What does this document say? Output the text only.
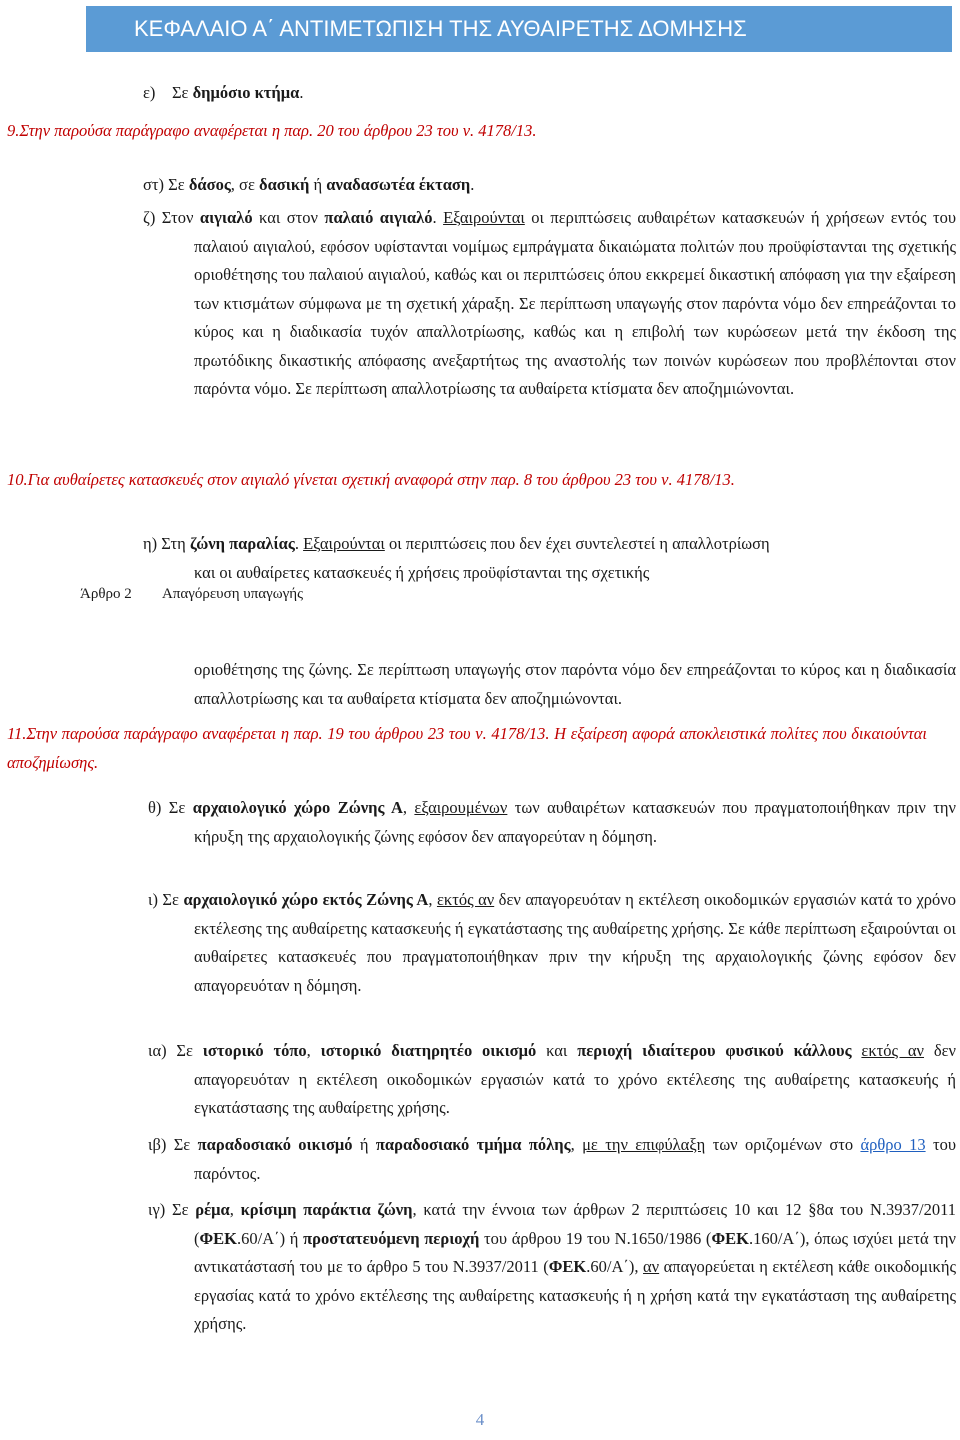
ΚΕΦΑΛΑΙΟ Α΄ ΑΝΤΙΜΕΤΩΠΙΣΗ ΤΗΣ ΑΥΘΑΙΡΕΤΗΣ ΔΟΜΗΣΗΣ
ε) Σε δημόσιο κτήμα.
9.Στην παρούσα παράγραφο αναφέρεται η παρ. 20 του άρθρου 23 του ν. 4178/13.
στ) Σε δάσος, σε δασική ή αναδασωτέα έκταση.
ζ) Στον αιγιαλό και στον παλαιό αιγιαλό. Εξαιρούνται οι περιπτώσεις αυθαιρέτων κατασκευών ή χρήσεων εντός του παλαιού αιγιαλού, εφόσον υφίστανται νομίμως εμπράγματα δικαιώματα πολιτών που προϋφίστανται της σχετικής οριοθέτησης του παλαιού αιγιαλού, καθώς και οι περιπτώσεις όπου εκκρεμεί δικαστική απόφαση για την εξαίρεση των κτισμάτων σύμφωνα με τη σχετική χάραξη. Σε περίπτωση υπαγωγής στον παρόντα νόμο δεν επηρεάζονται το κύρος και η διαδικασία τυχόν απαλλοτρίωσης, καθώς και η επιβολή των κυρώσεων μετά την έκδοση της πρωτόδικης δικαστικής απόφασης ανεξαρτήτως της αναστολής των ποινών κυρώσεων που προβλέπονται στον παρόντα νόμο. Σε περίπτωση απαλλοτρίωσης τα αυθαίρετα κτίσματα δεν αποζημιώνονται.
10.Για αυθαίρετες κατασκευές στον αιγιαλό γίνεται σχετική αναφορά στην παρ. 8 του άρθρου 23 του ν. 4178/13.
η) Στη ζώνη παραλίας. Εξαιρούνται οι περιπτώσεις που δεν έχει συντελεστεί η απαλλοτρίωση
και οι αυθαίρετες κατασκευές ή χρήσεις προϋφίστανται της σχετικής
Άρθρο 2 Απαγόρευση υπαγωγής
οριοθέτησης της ζώνης. Σε περίπτωση υπαγωγής στον παρόντα νόμο δεν επηρεάζονται το κύρος και η διαδικασία απαλλοτρίωσης και τα αυθαίρετα κτίσματα δεν αποζημιώνονται.
11.Στην παρούσα παράγραφο αναφέρεται η παρ. 19 του άρθρου 23 του ν. 4178/13. Η εξαίρεση αφορά αποκλειστικά πολίτες που δικαιούνται αποζημίωσης.
θ) Σε αρχαιολογικό χώρο Ζώνης Α, εξαιρουμένων των αυθαιρέτων κατασκευών που πραγματοποιήθηκαν πριν την κήρυξη της αρχαιολογικής ζώνης εφόσον δεν απαγορεύταν η δόμηση.
ι) Σε αρχαιολογικό χώρο εκτός Ζώνης Α, εκτός αν δεν απαγορευόταν η εκτέλεση οικοδομικών εργασιών κατά το χρόνο εκτέλεσης της αυθαίρετης κατασκευής ή εγκατάστασης της αυθαίρετης χρήσης. Σε κάθε περίπτωση εξαιρούνται οι αυθαίρετες κατασκευές που πραγματοποιήθηκαν πριν την κήρυξη της αρχαιολογικής ζώνης εφόσον δεν απαγορευόταν η δόμηση.
ια) Σε ιστορικό τόπο, ιστορικό διατηρητέο οικισμό και περιοχή ιδιαίτερου φυσικού κάλλους εκτός αν δεν απαγορευόταν η εκτέλεση οικοδομικών εργασιών κατά το χρόνο εκτέλεσης της αυθαίρετης κατασκευής ή εγκατάστασης της αυθαίρετης χρήσης.
ιβ) Σε παραδοσιακό οικισμό ή παραδοσιακό τμήμα πόλης, με την επιφύλαξη των οριζομένων στο άρθρο 13 του παρόντος.
ιγ) Σε ρέμα, κρίσιμη παράκτια ζώνη, κατά την έννοια των άρθρων 2 περιπτώσεις 10 και 12 §8α του Ν.3937/2011 (ΦΕΚ.60/Α΄) ή προστατευόμενη περιοχή του άρθρου 19 του Ν.1650/1986 (ΦΕΚ.160/Α΄), όπως ισχύει μετά την αντικατάστασή του με το άρθρο 5 του Ν.3937/2011 (ΦΕΚ.60/Α΄), αν απαγορεύεται η εκτέλεση κάθε οικοδομικής εργασίας κατά το χρόνο εκτέλεσης της αυθαίρετης κατασκευής ή η χρήση κατά την εγκατάσταση της αυθαίρετης χρήσης.
4
